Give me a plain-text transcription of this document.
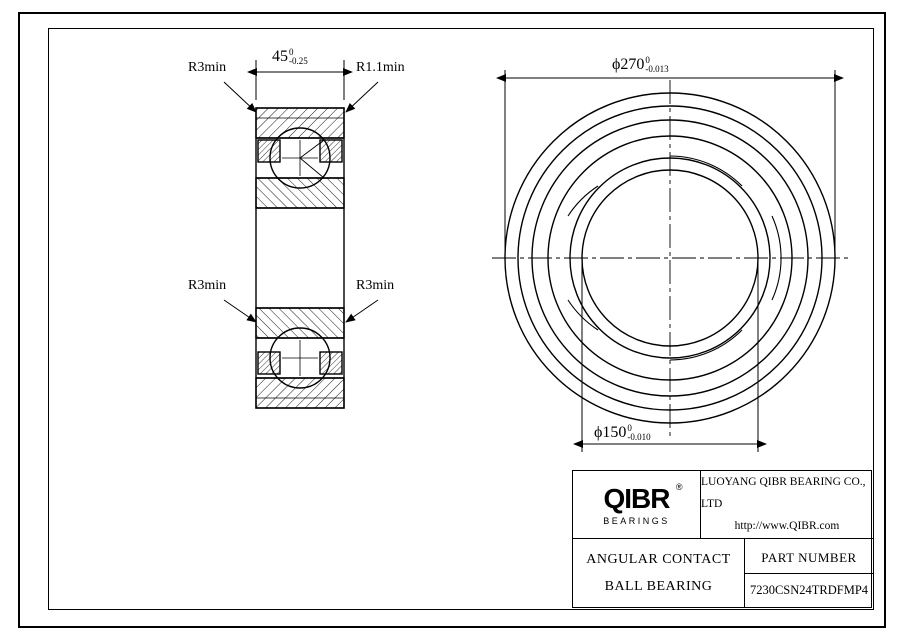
R3min	R1.1min
R3min	R3min
45 0
-0.25	ϕ270 0
-0.013
ϕ150 0
-0.010
QIBR ®
BEARINGS
LUOYANG QIBR BEARING CO., LTD
http://www.QIBR.com
ANGULAR CONTACT
BALL BEARING
PART NUMBER
7230CSN24TRDFMP4
